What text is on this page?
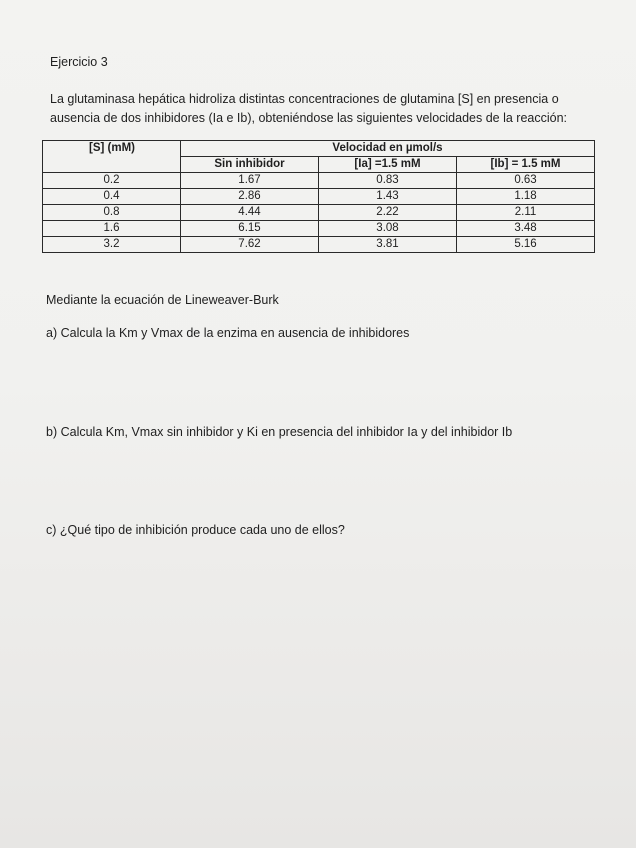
Ejercicio 3
La glutaminasa hepática hidroliza distintas concentraciones de glutamina [S] en presencia o ausencia de dos inhibidores (Ia e Ib), obteniéndose las siguientes velocidades de la reacción:
[S] (mM)	Velocidad en µmol/s		
	Sin inhibidor	[Ia] =1.5 mM	[Ib] = 1.5 mM
0.2	1.67	0.83	0.63
0.4	2.86	1.43	1.18
0.8	4.44	2.22	2.11
1.6	6.15	3.08	3.48
3.2	7.62	3.81	5.16
Mediante la ecuación de Lineweaver-Burk
a) Calcula la Km y Vmax de la enzima en ausencia de inhibidores
b) Calcula Km, Vmax sin inhibidor y Ki en presencia del inhibidor Ia y del inhibidor Ib
c) ¿Qué tipo de inhibición produce cada uno de ellos?
